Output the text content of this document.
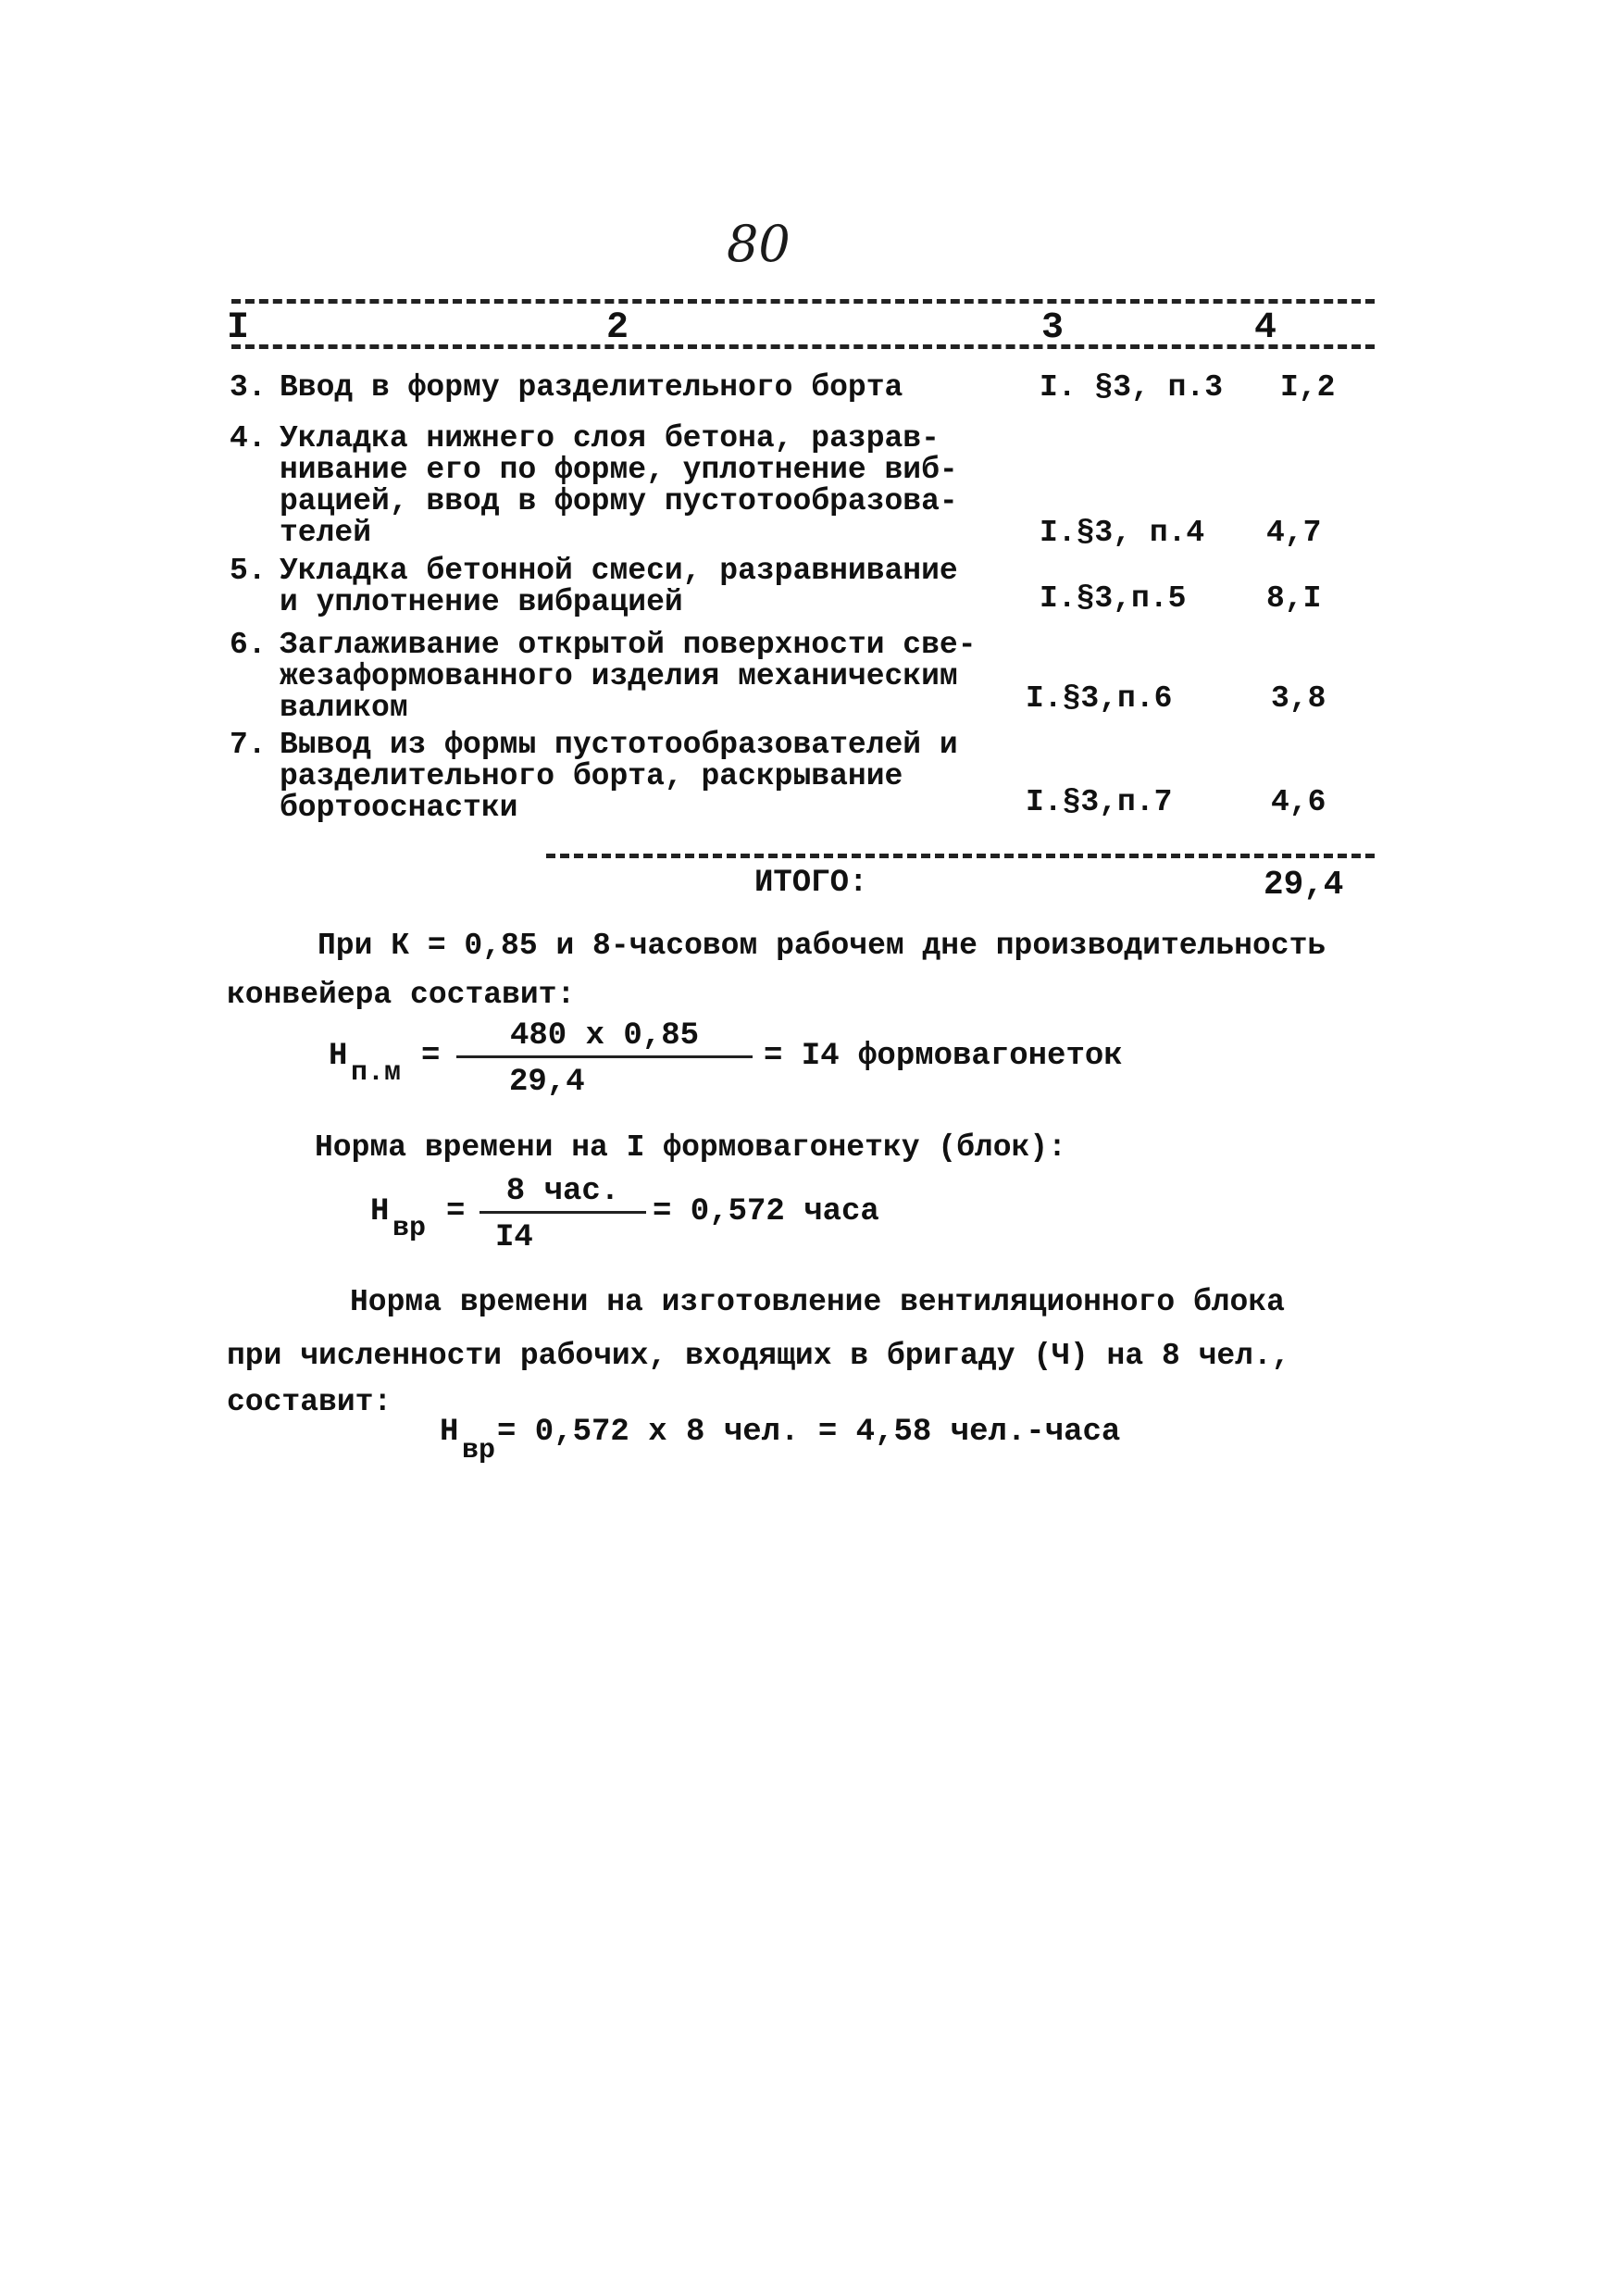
80
I	2	3	4
3. Ввод в форму разделительного борта	I. §3, п.3 I,2
4. Укладка нижнего слоя бетона, разрав-
нивание его по форме, уплотнение виб-
рацией, ввод в форму пустотообразова-
телей	I.§3, п.4 4,7
5. Укладка бетонной смеси, разравнивание
и уплотнение вибрацией	I.§3,п.5	8,I
6. Заглаживание открытой поверхности све-
жезаформованного изделия механическим
валиком	I.§3,п.6	3,8
7. Вывод из формы пустотообразователей и
разделительного борта, раскрывание
бортооснастки	I.§3,п.7	4,6
ИТОГО:	29,4
При К = 0,85 и 8-часовом рабочем дне производительность
конвейера составит:
Н п.м =
480 х 0,85
29,4
= I4 формовагонеток
Норма времени на I формовагонетку (блок):
Н вр =
8 час.
I4
= 0,572 часа
Норма времени на изготовление вентиляционного блока
при численности рабочих, входящих в бригаду (Ч) на 8 чел.,
составит:
Н
вр
= 0,572 х 8 чел. = 4,58 чел.-часа
